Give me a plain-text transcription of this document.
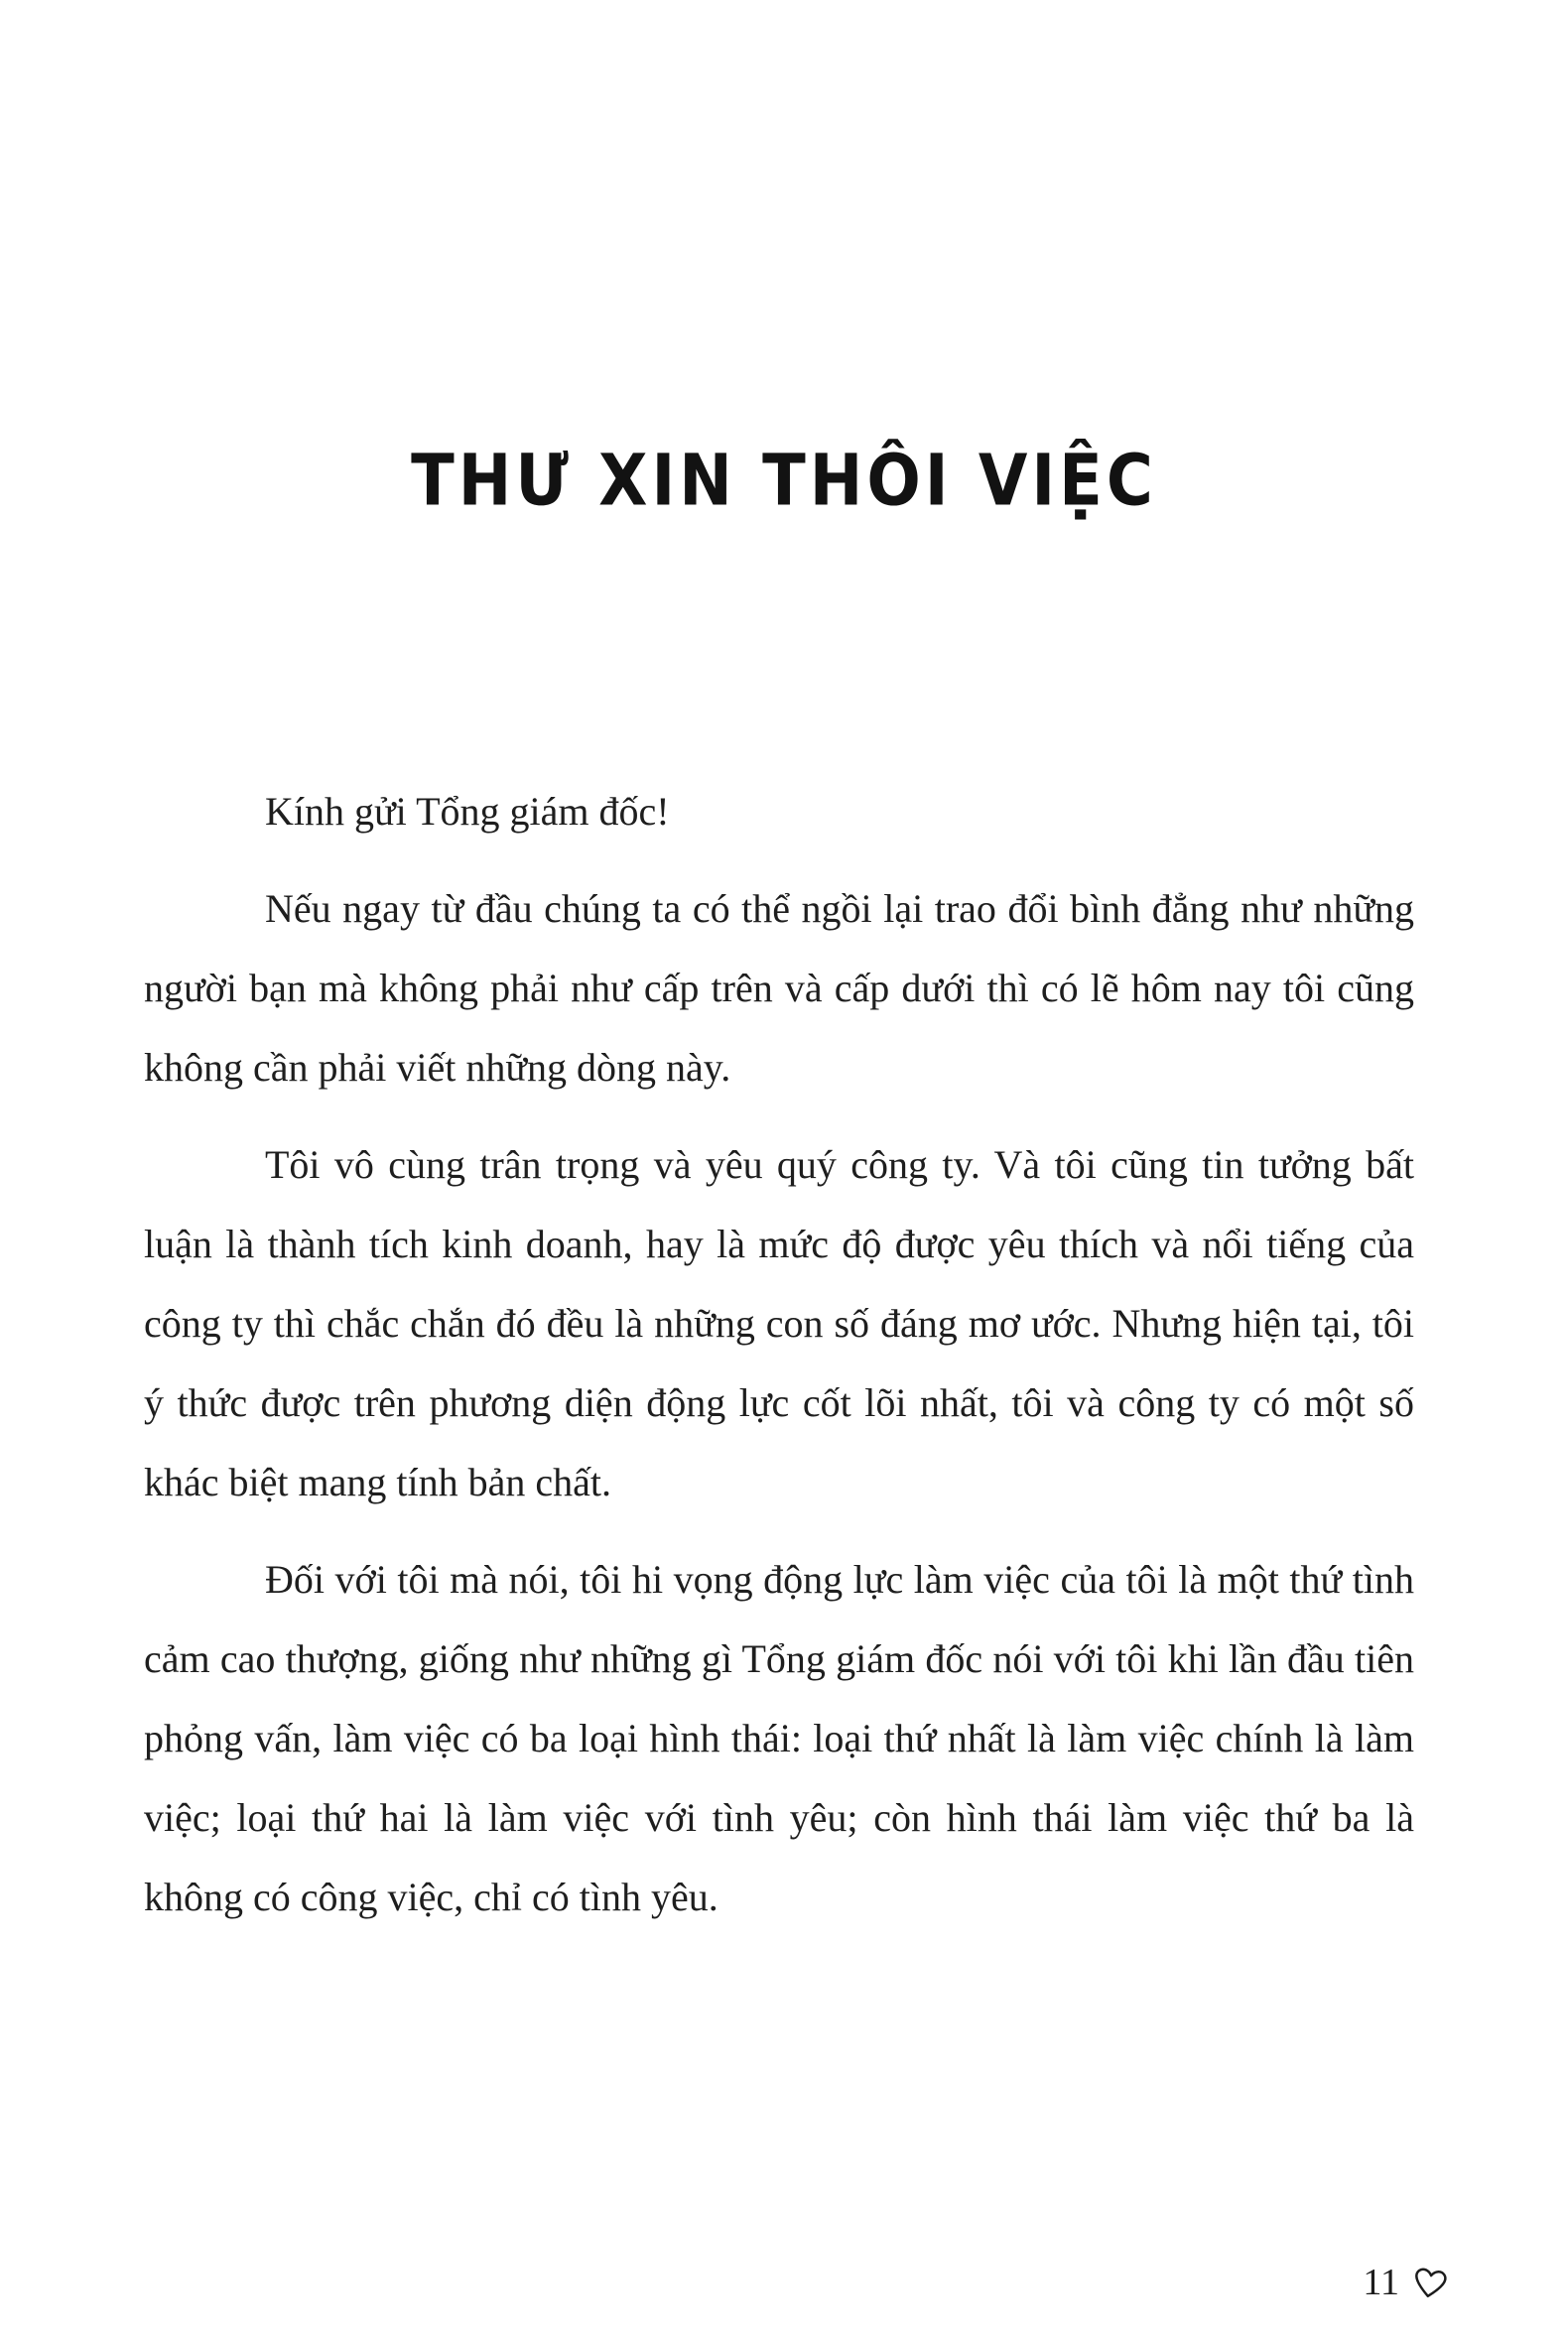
THƯ XIN THÔI VIỆC

Kính gửi Tổng giám đốc!

Nếu ngay từ đầu chúng ta có thể ngồi lại trao đổi bình đẳng như những người bạn mà không phải như cấp trên và cấp dưới thì có lẽ hôm nay tôi cũng không cần phải viết những dòng này.

Tôi vô cùng trân trọng và yêu quý công ty. Và tôi cũng tin tưởng bất luận là thành tích kinh doanh, hay là mức độ được yêu thích và nổi tiếng của công ty thì chắc chắn đó đều là những con số đáng mơ ước. Nhưng hiện tại, tôi ý thức được trên phương diện động lực cốt lõi nhất, tôi và công ty có một số khác biệt mang tính bản chất.

Đối với tôi mà nói, tôi hi vọng động lực làm việc của tôi là một thứ tình cảm cao thượng, giống như những gì Tổng giám đốc nói với tôi khi lần đầu tiên phỏng vấn, làm việc có ba loại hình thái: loại thứ nhất là làm việc chính là làm việc; loại thứ hai là làm việc với tình yêu; còn hình thái làm việc thứ ba là không có công việc, chỉ có tình yêu.

11
